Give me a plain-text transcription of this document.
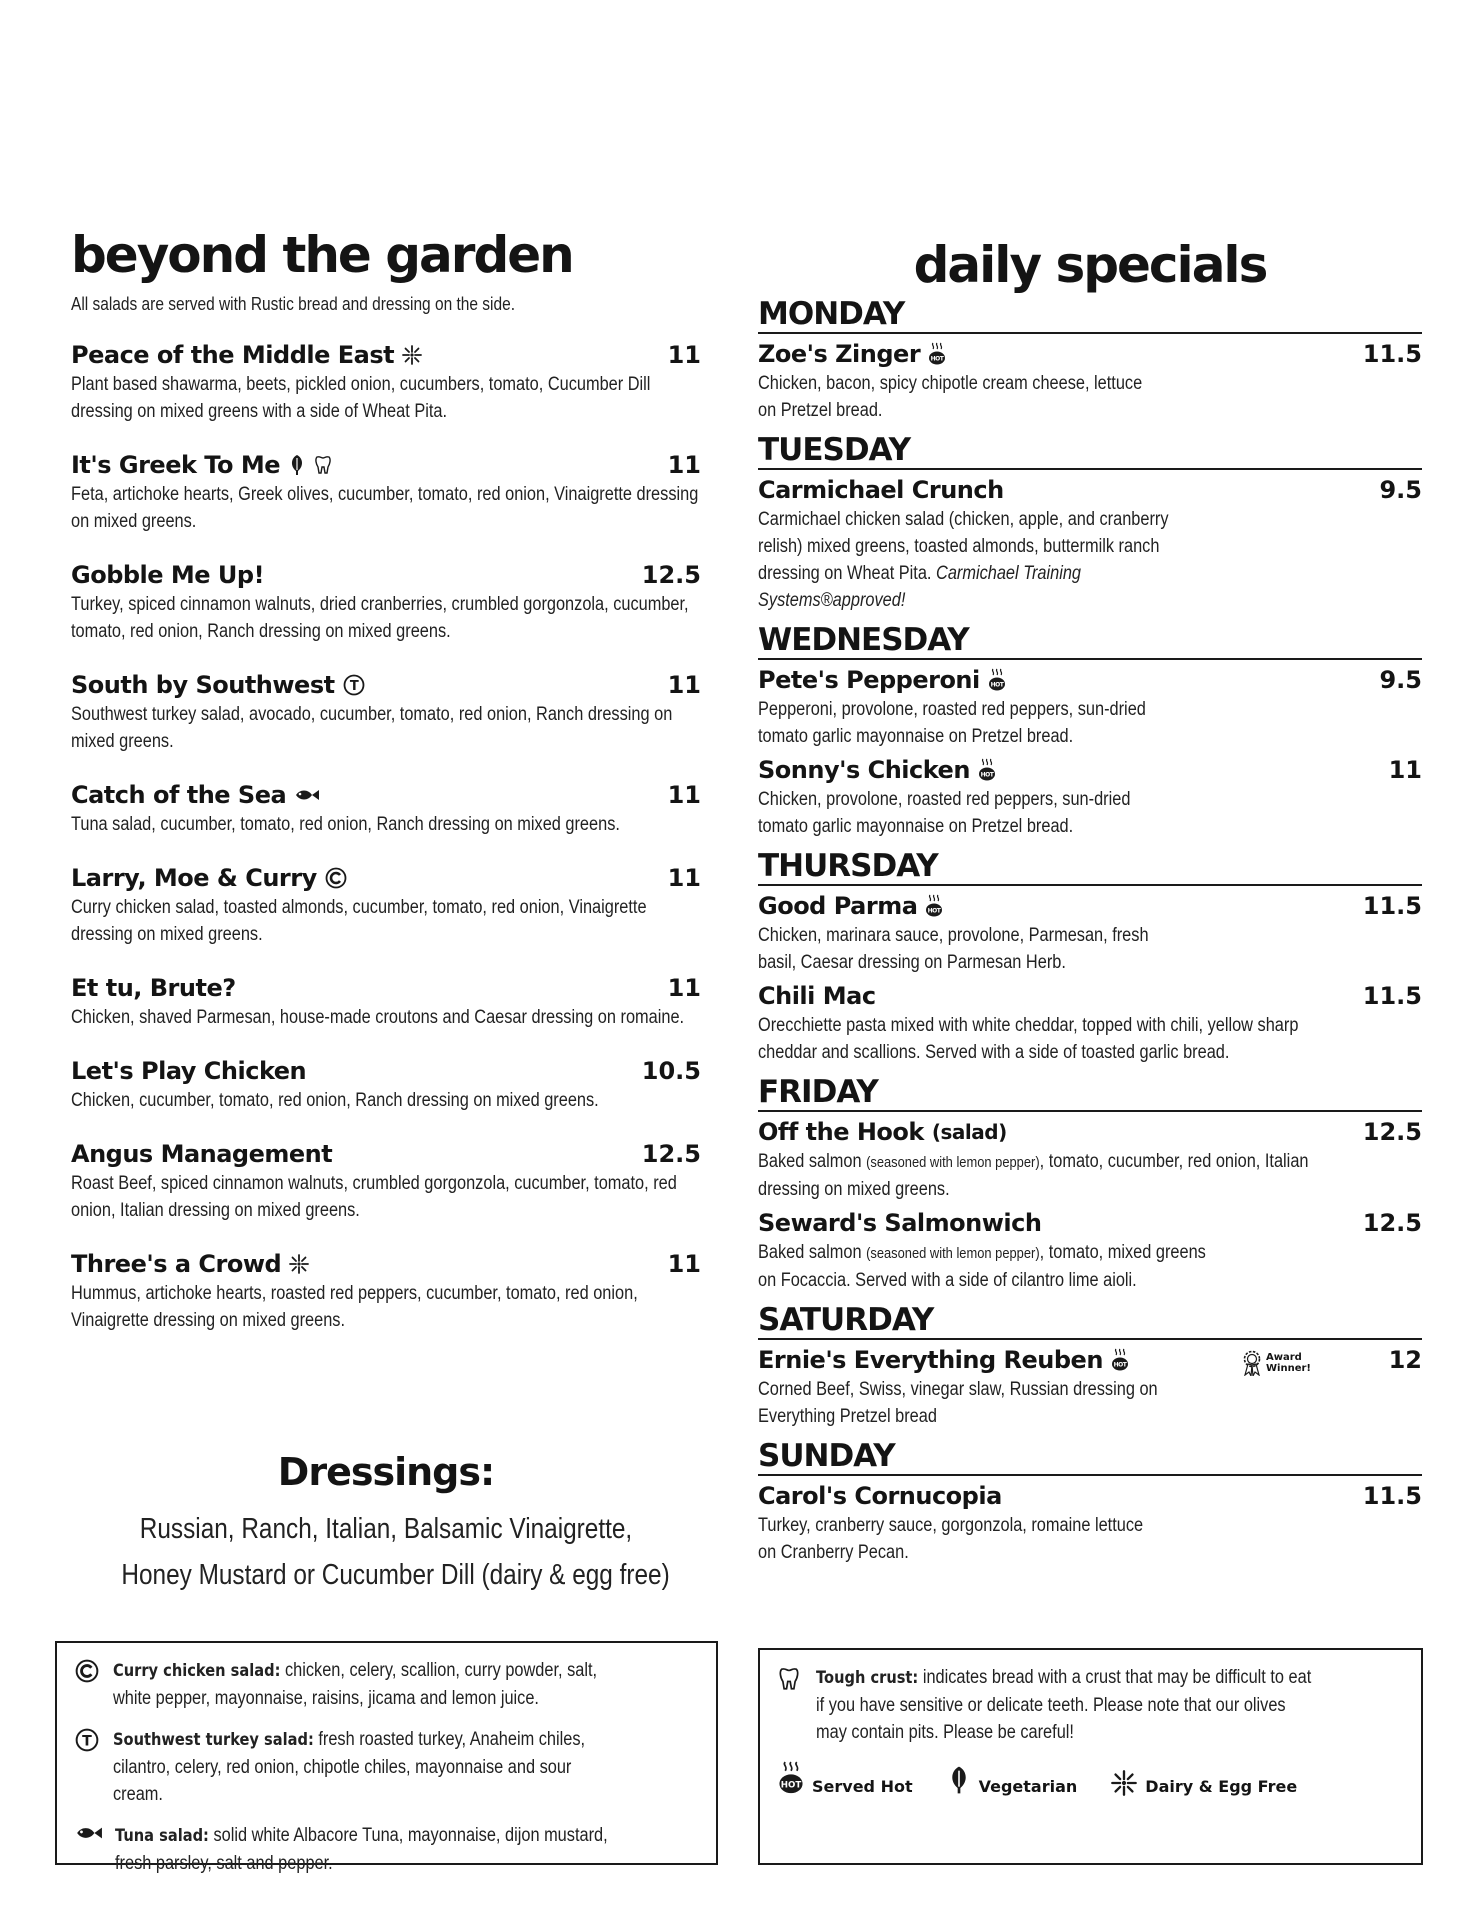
beyond the garden
All salads are served with Rustic bread and dressing on the side.
Peace of the Middle East	11
Plant based shawarma, beets, pickled onion, cucumbers, tomato, Cucumber Dill dressing on mixed greens with a side of Wheat Pita.
It's Greek To Me	11
Feta, artichoke hearts, Greek olives, cucumber, tomato, red onion, Vinaigrette dressing on mixed greens.
Gobble Me Up!	12.5
Turkey, spiced cinnamon walnuts, dried cranberries, crumbled gorgonzola, cucumber, tomato, red onion, Ranch dressing on mixed greens.
South by Southwest T	11
Southwest turkey salad, avocado, cucumber, tomato, red onion, Ranch dressing on mixed greens.
Catch of the Sea	11
Tuna salad, cucumber, tomato, red onion, Ranch dressing on mixed greens.
Larry, Moe & Curry	11
Curry chicken salad, toasted almonds, cucumber, tomato, red onion, Vinaigrette dressing on mixed greens.
Et tu, Brute?	11
Chicken, shaved Parmesan, house-made croutons and Caesar dressing on romaine.
Let's Play Chicken	10.5
Chicken, cucumber, tomato, red onion, Ranch dressing on mixed greens.
Angus Management	12.5
Roast Beef, spiced cinnamon walnuts, crumbled gorgonzola, cucumber, tomato, red onion, Italian dressing on mixed greens.
Three's a Crowd	11
Hummus, artichoke hearts, roasted red peppers, cucumber, tomato, red onion, Vinaigrette dressing on mixed greens.
Dressings:
Russian, Ranch, Italian, Balsamic Vinaigrette,
Honey Mustard or Cucumber Dill (dairy & egg free)
daily specials
MONDAY
Zoe's Zinger HOT	11.5
Chicken, bacon, spicy chipotle cream cheese, lettuce on Pretzel bread.
TUESDAY
Carmichael Crunch	9.5
Carmichael chicken salad (chicken, apple, and cranberry relish) mixed greens, toasted almonds, buttermilk ranch dressing on Wheat Pita. Carmichael Training Systems®approved!
WEDNESDAY
Pete's Pepperoni HOT	9.5
Pepperoni, provolone, roasted red peppers, sun-dried tomato garlic mayonnaise on Pretzel bread.
Sonny's Chicken HOT	11
Chicken, provolone, roasted red peppers, sun-dried tomato garlic mayonnaise on Pretzel bread.
THURSDAY
Good Parma HOT	11.5
Chicken, marinara sauce, provolone, Parmesan, fresh basil, Caesar dressing on Parmesan Herb.
Chili Mac	11.5
Orecchiette pasta mixed with white cheddar, topped with chili, yellow sharp cheddar and scallions. Served with a side of toasted garlic bread.
FRIDAY
Off the Hook (salad)	12.5
Baked salmon (seasoned with lemon pepper), tomato, cucumber, red onion, Italian dressing on mixed greens.
Seward's Salmonwich	12.5
Baked salmon (seasoned with lemon pepper), tomato, mixed greens on Focaccia. Served with a side of cilantro lime aioli.
SATURDAY
Ernie's Everything Reuben HOT	12
Award Winner!
Corned Beef, Swiss, vinegar slaw, Russian dressing on Everything Pretzel bread
SUNDAY
Carol's Cornucopia	11.5
Turkey, cranberry sauce, gorgonzola, romaine lettuce on Cranberry Pecan.
Curry chicken salad: chicken, celery, scallion, curry powder, salt, white pepper, mayonnaise, raisins, jicama and lemon juice.
T Southwest turkey salad: fresh roasted turkey, Anaheim chiles, cilantro, celery, red onion, chipotle chiles, mayonnaise and sour cream.
Tuna salad: solid white Albacore Tuna, mayonnaise, dijon mustard, fresh parsley, salt and pepper.
Tough crust: indicates bread with a crust that may be difficult to eat if you have sensitive or delicate teeth. Please note that our olives may contain pits. Please be careful!
HOT Served Hot	Vegetarian	Dairy & Egg Free
